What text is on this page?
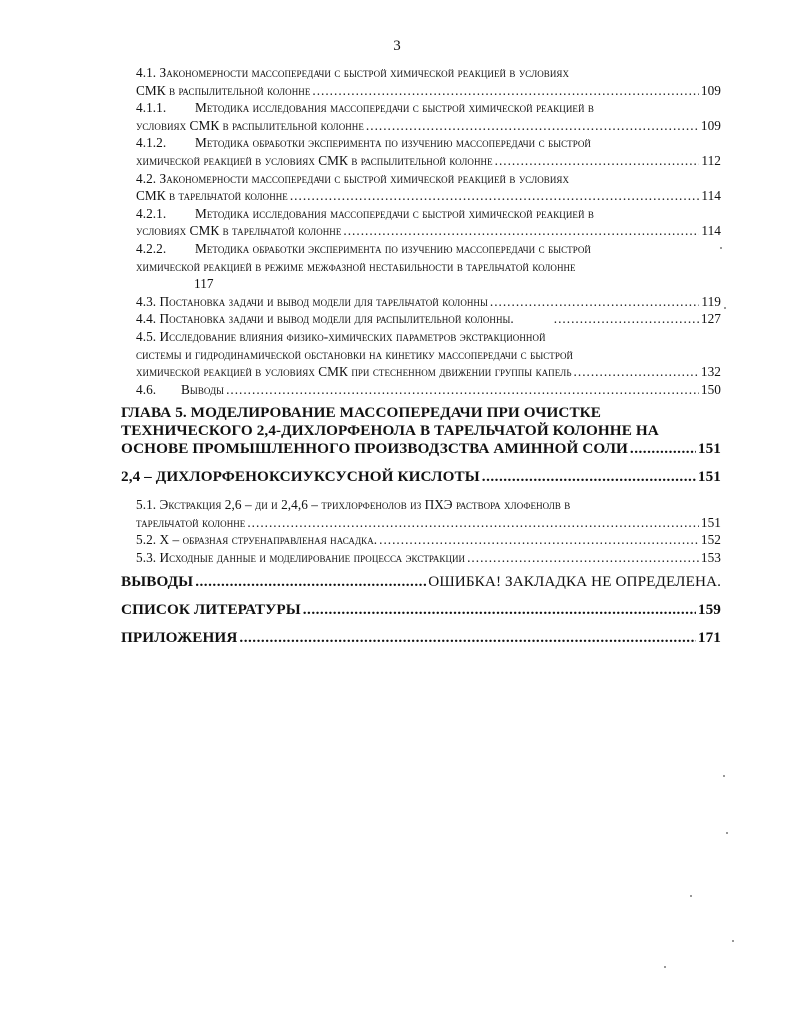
3
4.1. Закономерности массопередачи с быстрой химической реакцией в условиях
СМК в распылительной колонне .....	109
4.1.1. Методика исследования массопередачи с быстрой химической реакцией в
условиях СМК в распылительной колонне .....	109
4.1.2. Методика обработки эксперимента по изучению массопередачи с быстрой
химической реакцией в условиях СМК в распылительной колонне .....	112
4.2. Закономерности массопередачи с быстрой химической реакцией в условиях
СМК в тарельчатой колонне .....	114
4.2.1. Методика исследования массопередачи с быстрой химической реакцией в
условиях СМК в тарельчатой колонне .....	114
4.2.2. Методика обработки эксперимента по изучению массопередачи с быстрой
химической реакцией в режиме межфазной нестабильности в тарельчатой колонне
117
4.3. Постановка задачи и вывод модели для тарельчатой колонны .....	119
4.4. Постановка задачи и вывод модели для распылительной колонны. .....	127
4.5. Исследование влияния физико-химических параметров экстракционной
системы и гидродинамической обстановки на кинетику массопередачи с быстрой
химической реакцией в условиях СМК при стесненном движении группы капель .....	132
4.6. Выводы .....	150
ГЛАВА 5. МОДЕЛИРОВАНИЕ МАССОПЕРЕДАЧИ ПРИ ОЧИСТКЕ
ТЕХНИЧЕСКОГО 2,4-ДИХЛОРФЕНОЛА В ТАРЕЛЬЧАТОЙ КОЛОННЕ НА
ОСНОВЕ ПРОМЫШЛЕННОГО ПРОИЗВОДЗСТВА АМИННОЙ СОЛИ .....	151
2,4 – ДИХЛОРФЕНОКСИУКСУСНОЙ КИСЛОТЫ .....	151
5.1. Экстракция 2,6 – ди и 2,4,6 – трихлорфенолов из ПХЭ раствора хлофенолв в
тарельчатой колонне .....	151
5.2. Х – образная струенаправленая насадка. .....	152
5.3. Исходные данные и моделирование процесса экстракции .....	153
ВЫВОДЫ .....	ОШИБКА! ЗАКЛАДКА НЕ ОПРЕДЕЛЕНА.
СПИСОК ЛИТЕРАТУРЫ .....	159
ПРИЛОЖЕНИЯ .....	171
